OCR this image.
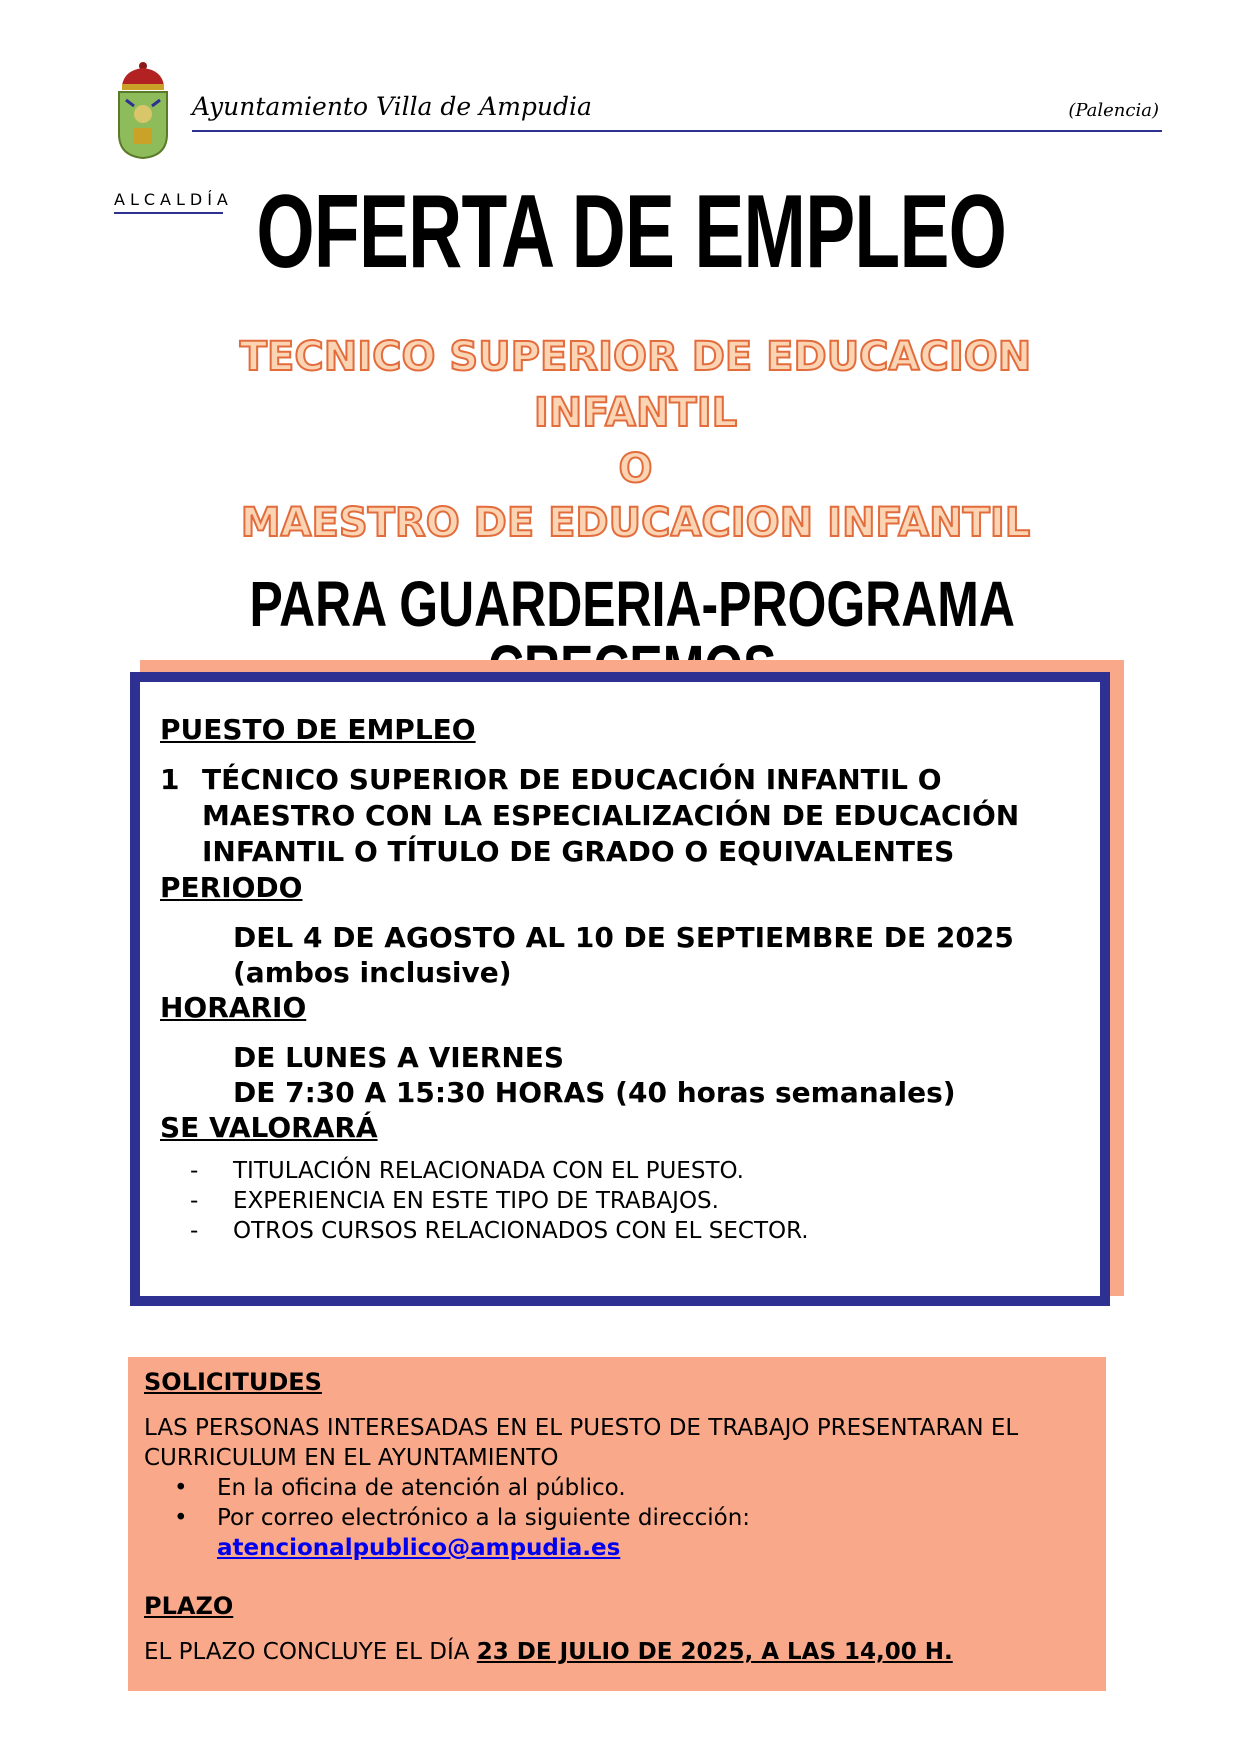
Ayuntamiento Villa de Ampudia	(Palencia)
ALCALDÍA OFERTA DE EMPLEO
TECNICO SUPERIOR DE EDUCACION
INFANTIL
O
MAESTRO DE EDUCACION INFANTIL
PARA GUARDERIA-PROGRAMA
PUESTO DE EMPLEO
1 TÉCNICO SUPERIOR DE EDUCACIÓN INFANTIL O MAESTRO CON LA ESPECIALIZACIÓN DE EDUCACIÓN INFANTIL O TÍTULO DE GRADO O EQUIVALENTES
PERIODO
DEL 4 DE AGOSTO AL 10 DE SEPTIEMBRE DE 2025
(ambos inclusive)
HORARIO
DE LUNES A VIERNES
DE 7:30 A 15:30 HORAS (40 horas semanales)
SE VALORARÁ
-	TITULACIÓN RELACIONADA CON EL PUESTO.
-	EXPERIENCIA EN ESTE TIPO DE TRABAJOS.
-	OTROS CURSOS RELACIONADOS CON EL SECTOR.
SOLICITUDES
LAS PERSONAS INTERESADAS EN EL PUESTO DE TRABAJO PRESENTARAN EL CURRICULUM EN EL AYUNTAMIENTO
•	En la oficina de atención al público.
•	Por correo electrónico a la siguiente dirección:
atencionalpublico@ampudia.es
PLAZO
EL PLAZO CONCLUYE EL DÍA 23 DE JULIO DE 2025, A LAS 14,00 H.
